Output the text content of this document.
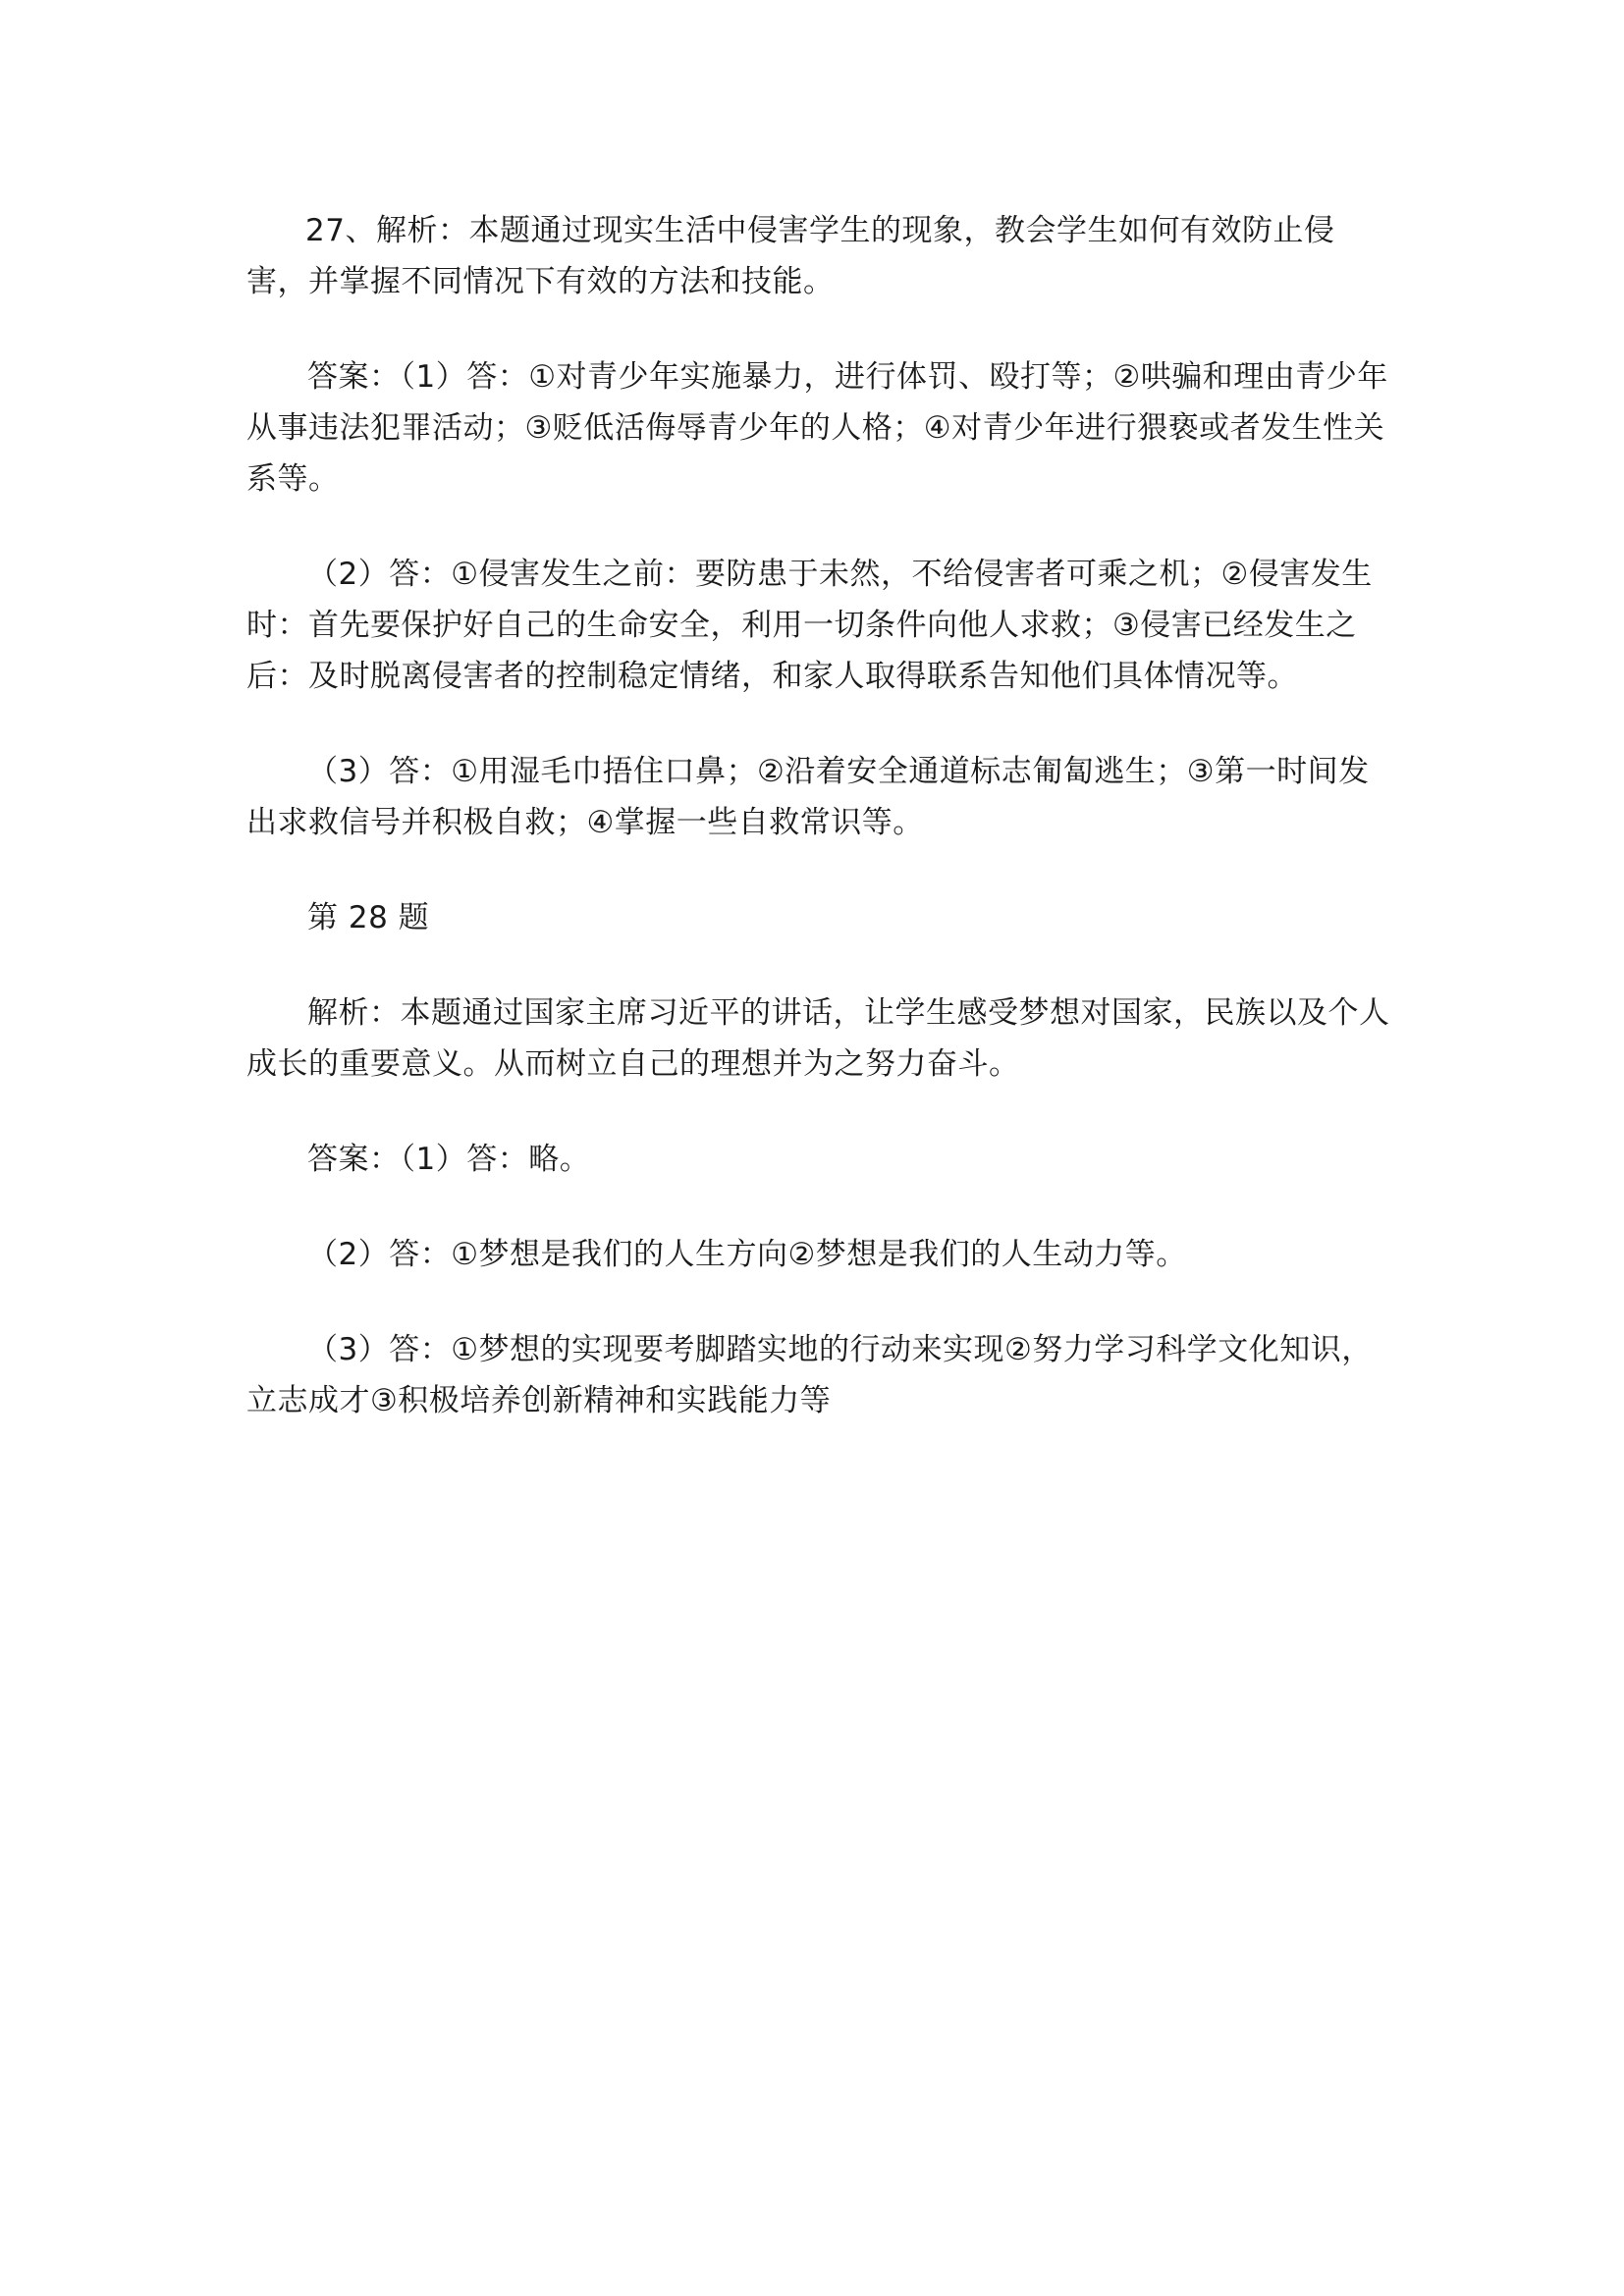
27、解析：本题通过现实生活中侵害学生的现象，教会学生如何有效防止侵害，并掌握不同情况下有效的方法和技能。

答案：（1）答：①对青少年实施暴力，进行体罚、殴打等；②哄骗和理由青少年从事违法犯罪活动；③贬低活侮辱青少年的人格；④对青少年进行猥亵或者发生性关系等。

（2）答：①侵害发生之前：要防患于未然，不给侵害者可乘之机；②侵害发生时：首先要保护好自己的生命安全，利用一切条件向他人求救；③侵害已经发生之后：及时脱离侵害者的控制稳定情绪，和家人取得联系告知他们具体情况等。

（3）答：①用湿毛巾捂住口鼻；②沿着安全通道标志匍匐逃生；③第一时间发出求救信号并积极自救；④掌握一些自救常识等。

第 28 题

解析：本题通过国家主席习近平的讲话，让学生感受梦想对国家，民族以及个人成长的重要意义。从而树立自己的理想并为之努力奋斗。

答案：（1）答：略。

（2）答：①梦想是我们的人生方向②梦想是我们的人生动力等。

（3）答：①梦想的实现要考脚踏实地的行动来实现②努力学习科学文化知识，立志成才③积极培养创新精神和实践能力等
